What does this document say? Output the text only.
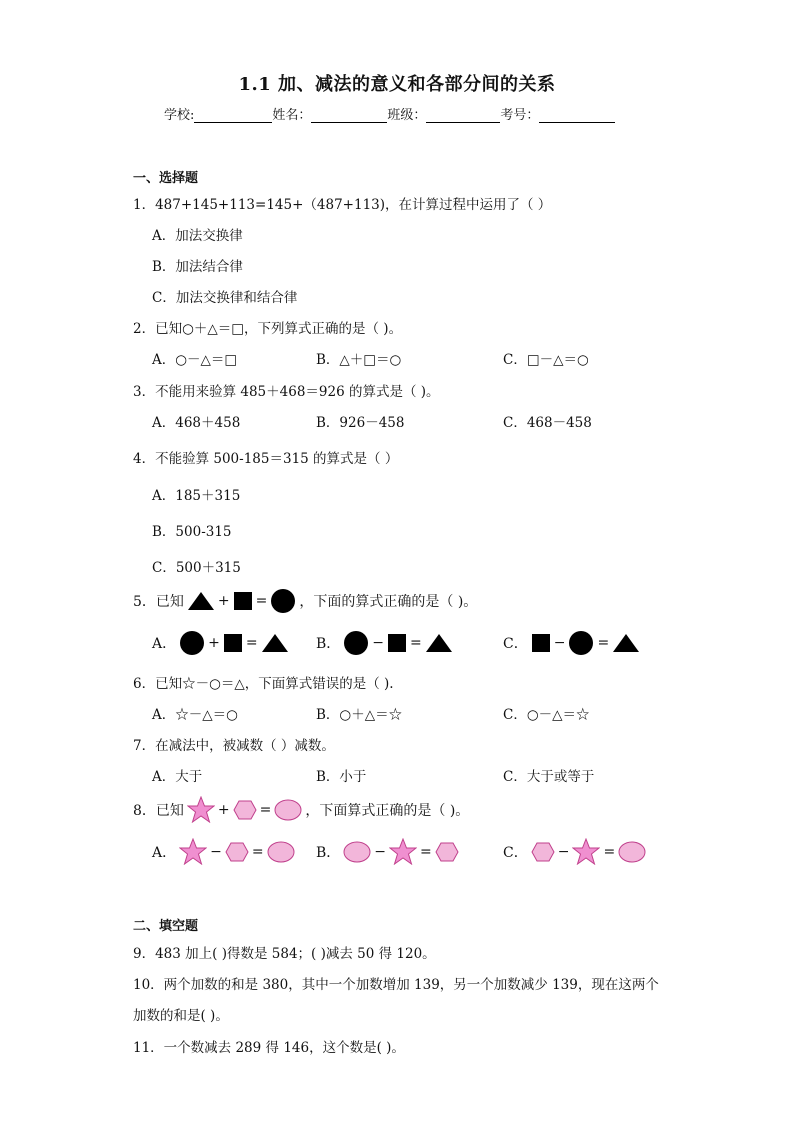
1.1 加、减法的意义和各部分间的关系
学校:	姓名：	班级：	考号：
一、选择题
1．487+145+113=145+（487+113)，在计算过程中运用了（ ）
A．加法交换律
B．加法结合律
C．加法交换律和结合律
2．已知○＋△＝□，下列算式正确的是（ )。
A．○－△＝□	B．△＋□＝○	C．□－△＝○
3．不能用来验算 485＋468＝926 的算式是（ )。
A．468＋458	B．926－458	C．468－458
4．不能验算 500-185＝315 的算式是（ ）
A．185＋315
B．500-315
C．500＋315
5．已知 + = ，下面的算式正确的是（ )。
A． + =	B． − =	C． − =
6．已知☆－○＝△，下面算式错误的是（ ).
A．☆－△＝○	B．○＋△＝☆	C．○－△＝☆
7．在减法中，被减数（ ）减数。
A．大于	B．小于	C．大于或等于
8．已知 + = ，下面算式正确的是（ )。
A． − =	B． − =	C． − =
二、填空题
9．483 加上( )得数是 584；( )减去 50 得 120。
10．两个加数的和是 380，其中一个加数增加 139，另一个加数减少 139，现在这两个
加数的和是( )。
11．一个数减去 289 得 146，这个数是( )。
